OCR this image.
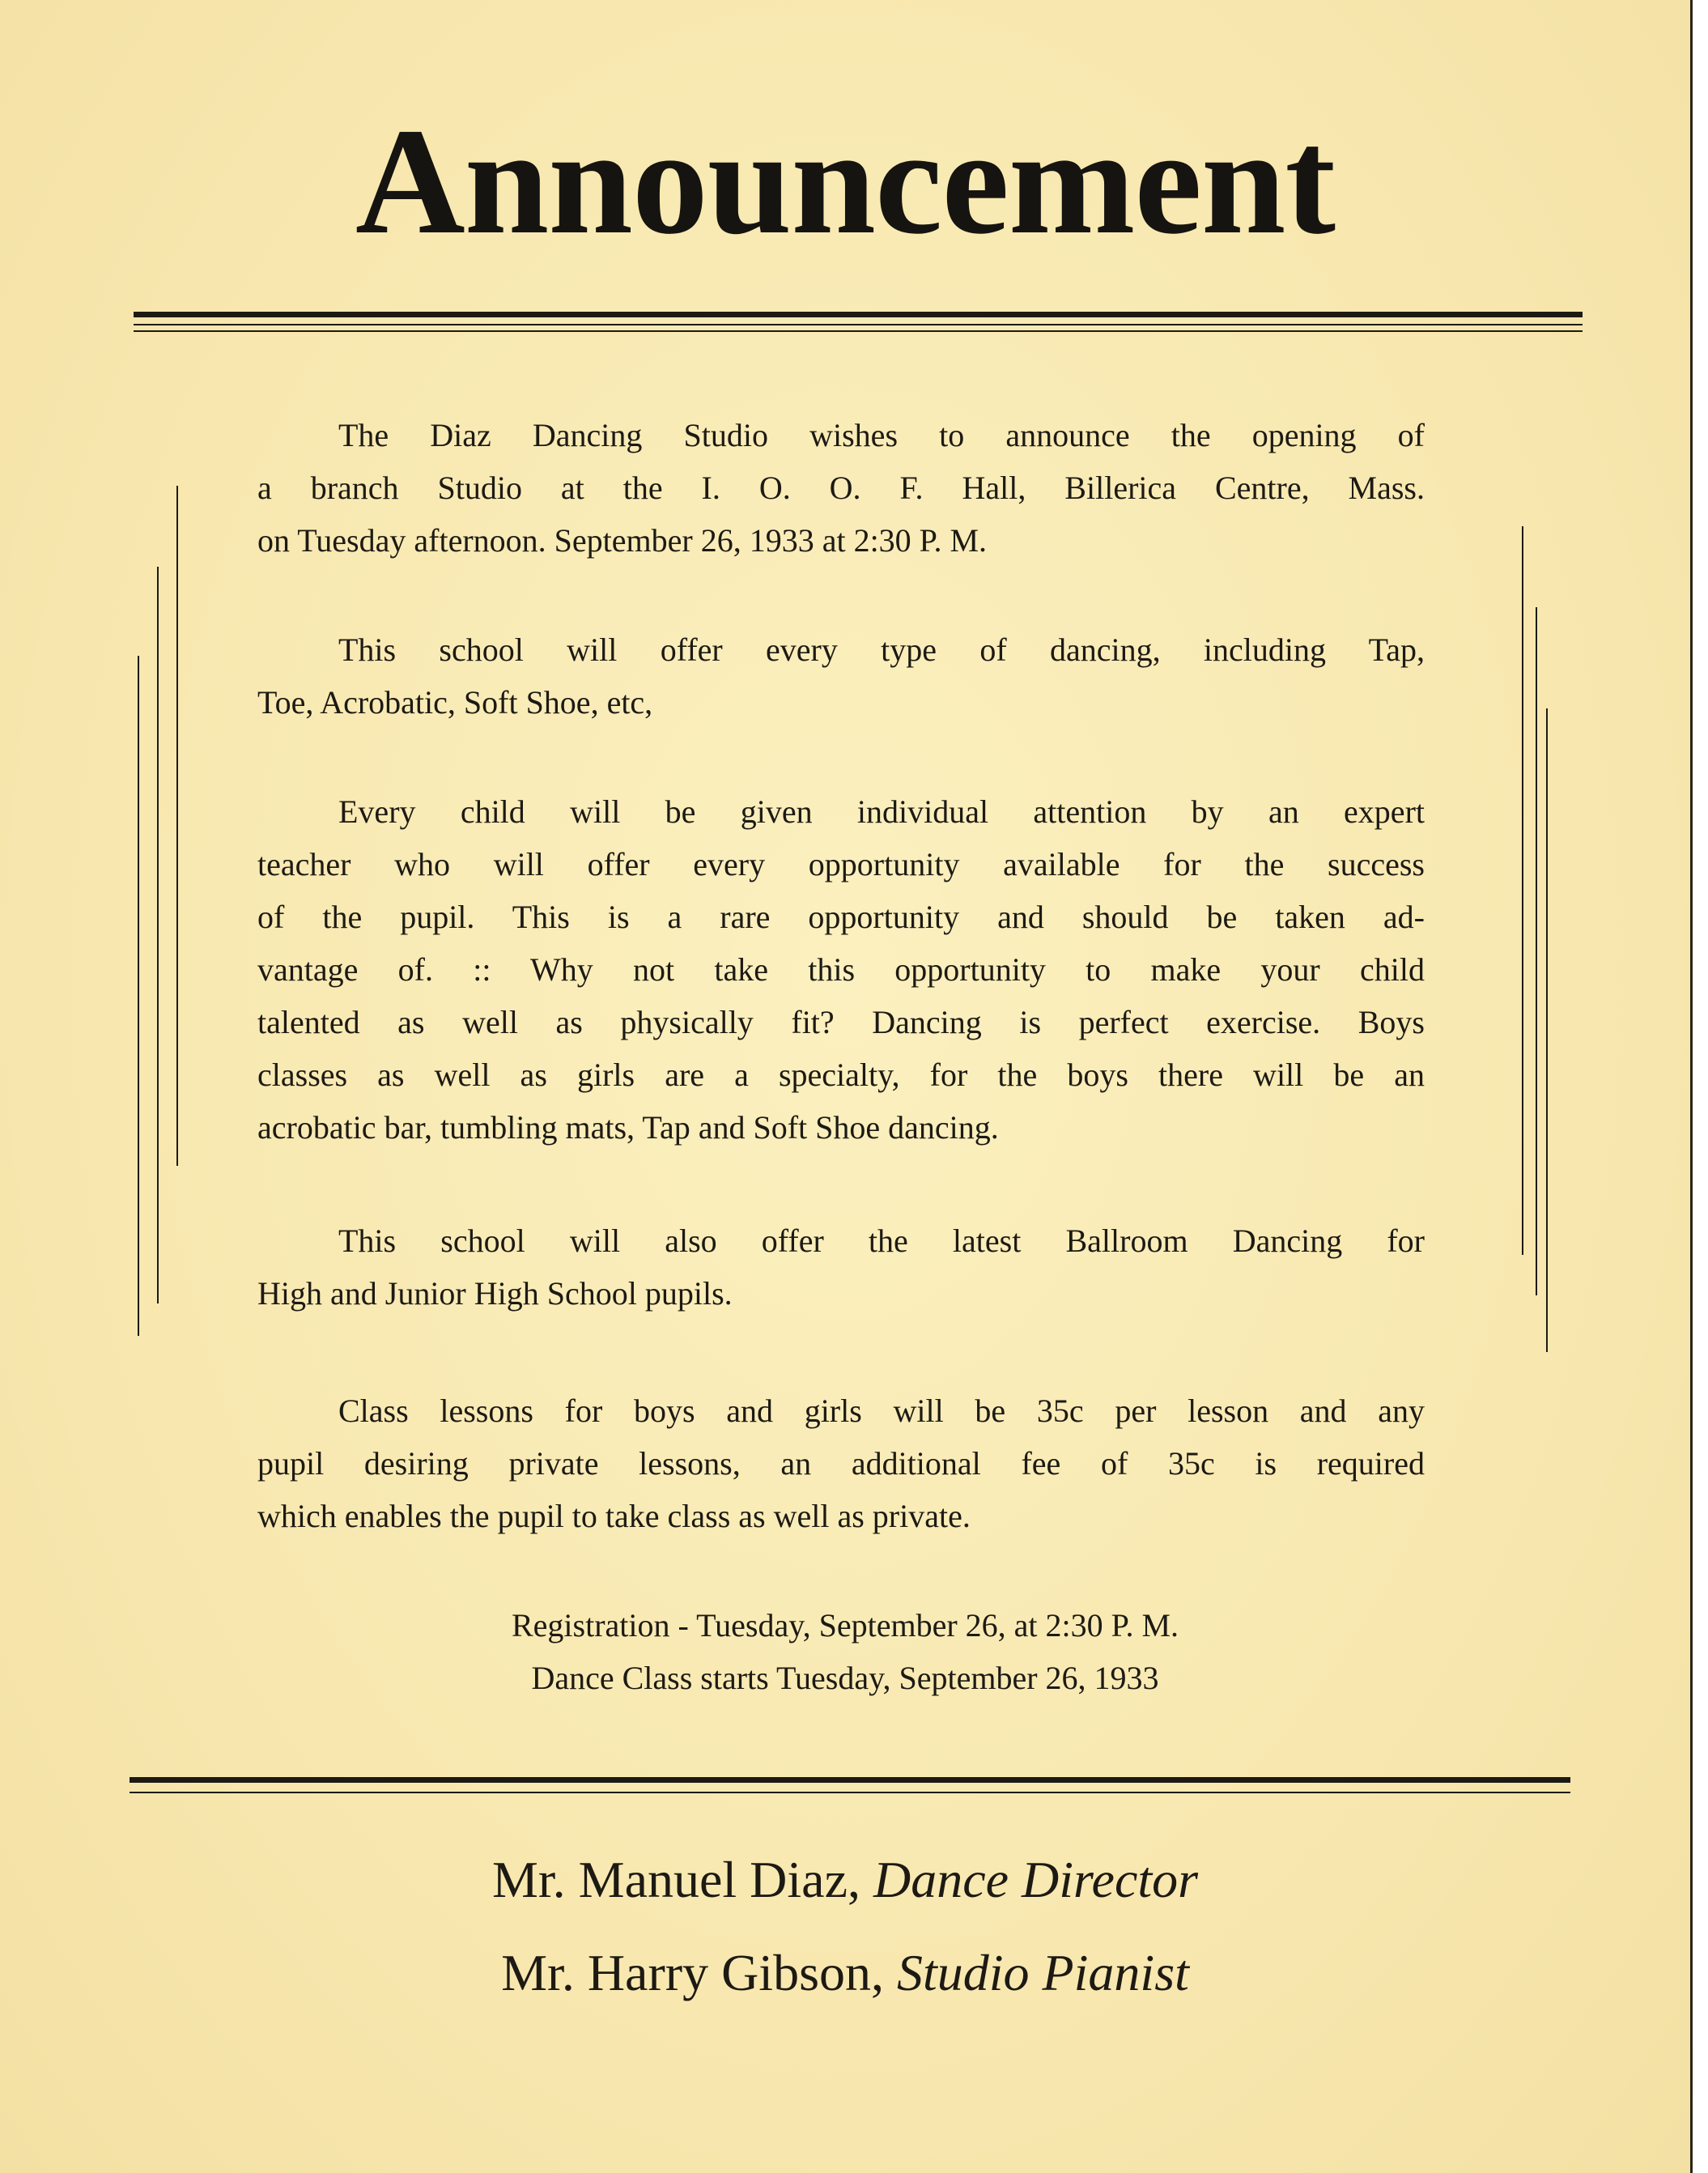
Announcement
The Diaz Dancing Studio wishes to announce the opening of
a branch Studio at the I. O. O. F. Hall, Billerica Centre, Mass.
on Tuesday afternoon. September 26, 1933 at 2:30 P. M.
This school will offer every type of dancing, including Tap,
Toe, Acrobatic, Soft Shoe, etc,
Every child will be given individual attention by an expert
teacher who will offer every opportunity available for the success
of the pupil. This is a rare opportunity and should be taken ad-
vantage of. :: Why not take this opportunity to make your child
talented as well as physically fit? Dancing is perfect exercise. Boys
classes as well as girls are a specialty, for the boys there will be an
acrobatic bar, tumbling mats, Tap and Soft Shoe dancing.
This school will also offer the latest Ballroom Dancing for
High and Junior High School pupils.
Class lessons for boys and girls will be 35c per lesson and any
pupil desiring private lessons, an additional fee of 35c is required
which enables the pupil to take class as well as private.
Registration - Tuesday, September 26, at 2:30 P. M.
Dance Class starts Tuesday, September 26, 1933
Mr. Manuel Diaz, Dance Director
Mr. Harry Gibson, Studio Pianist
